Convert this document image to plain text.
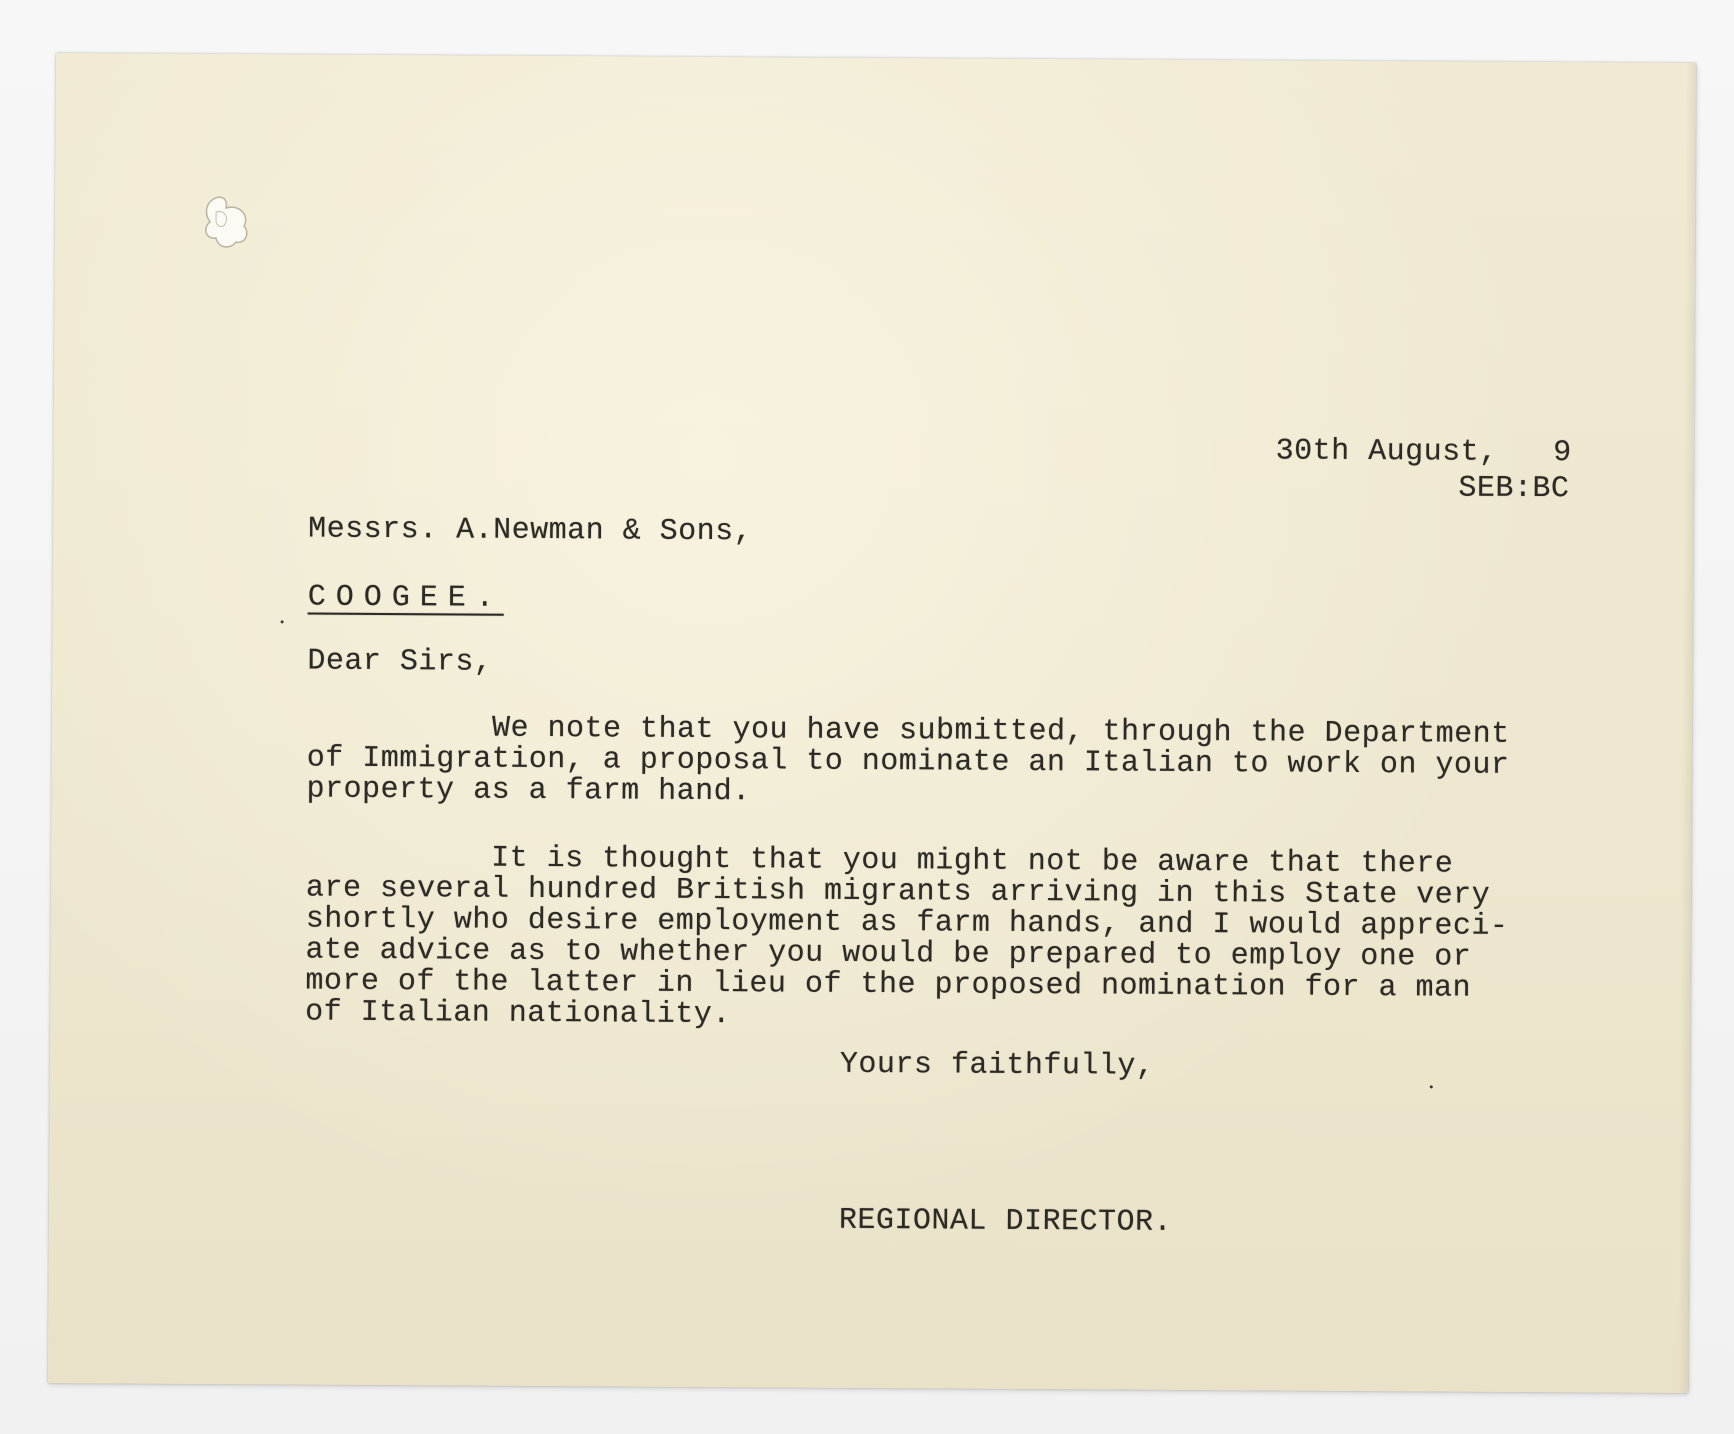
30th August,   9

SEB:BC

Messrs. A.Newman & Sons,

COOGEE.

Dear Sirs,

We note that you have submitted, through the Department
of Immigration, a proposal to nominate an Italian to work on your
property as a farm hand.

It is thought that you might not be aware that there
are several hundred British migrants arriving in this State very
shortly who desire employment as farm hands, and I would appreci-
ate advice as to whether you would be prepared to employ one or
more of the latter in lieu of the proposed nomination for a man
of Italian nationality.

Yours faithfully,

REGIONAL DIRECTOR.
